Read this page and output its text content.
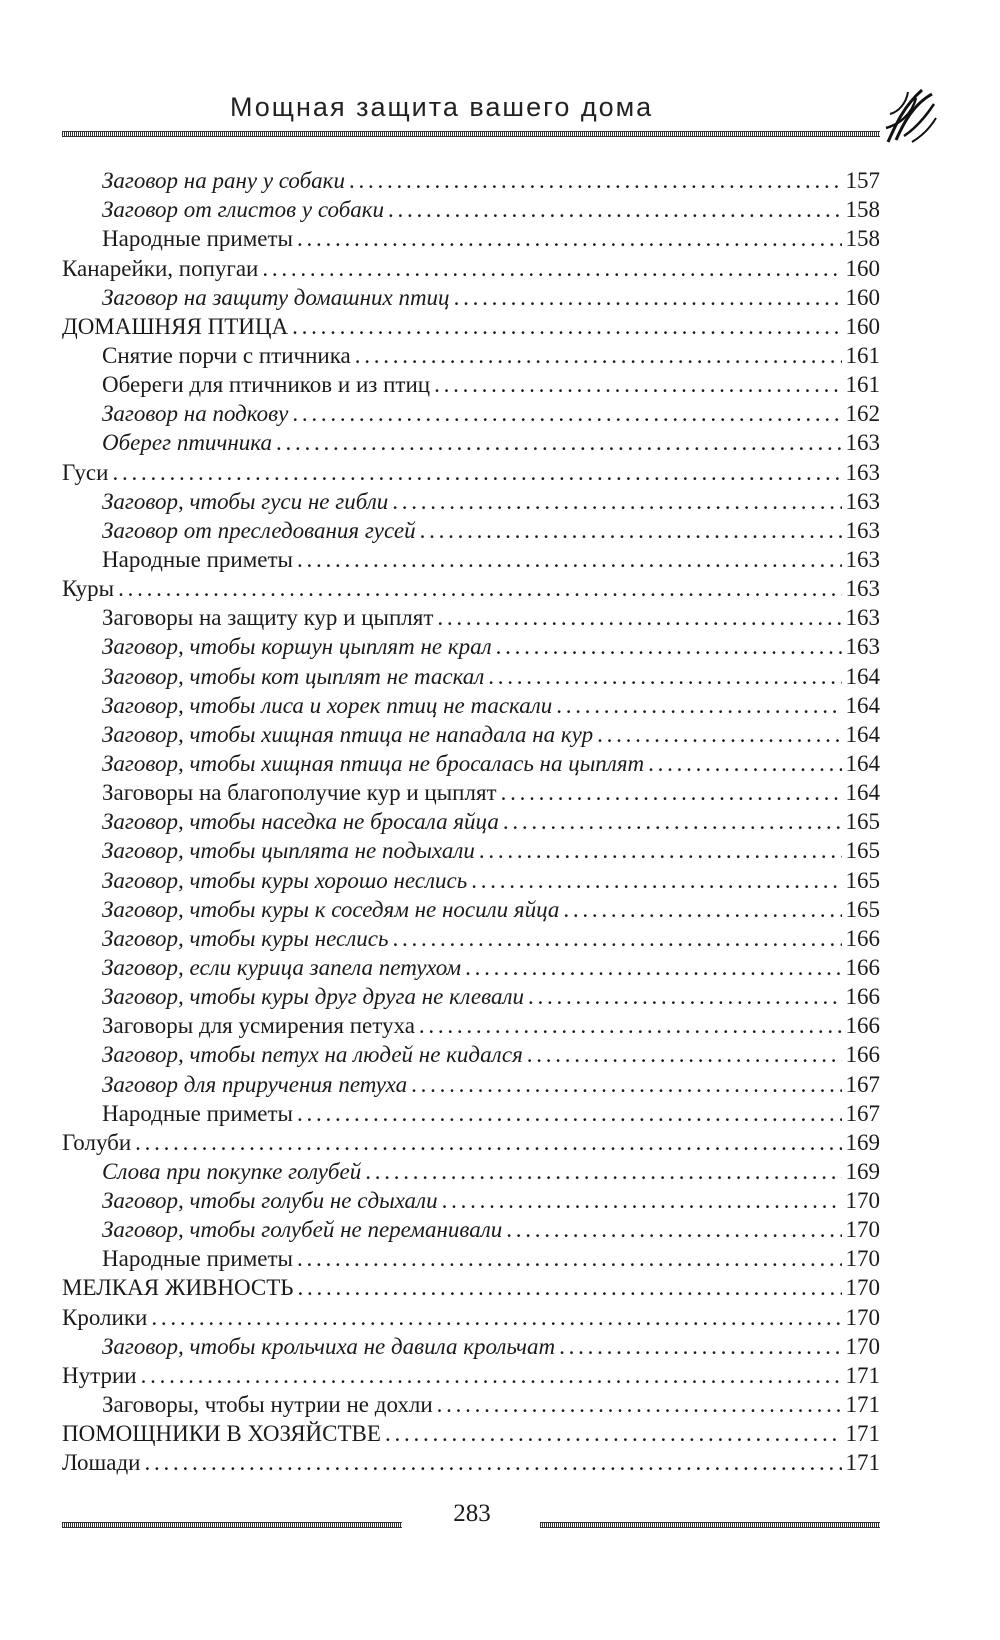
Мощная защита вашего дома
Заговор на рану у собаки . . .	157
Заговор от глистов у собаки . . .	158
Народные приметы . . .	158
Канарейки, попугаи . . .	160
Заговор на защиту домашних птиц . . .	160
ДОМАШНЯЯ ПТИЦА . . .	160
Снятие порчи с птичника . . .	161
Обереги для птичников и из птиц . . .	161
Заговор на подкову . . .	162
Оберег птичника . . .	163
Гуси . . .	163
Заговор, чтобы гуси не гибли . . .	163
Заговор от преследования гусей . . .	163
Народные приметы . . .	163
Куры . . .	163
Заговоры на защиту кур и цыплят . . .	163
Заговор, чтобы коршун цыплят не крал . . .	163
Заговор, чтобы кот цыплят не таскал . . .	164
Заговор, чтобы лиса и хорек птиц не таскали . . .	164
Заговор, чтобы хищная птица не нападала на кур . . .	164
Заговор, чтобы хищная птица не бросалась на цыплят . . .	164
Заговоры на благополучие кур и цыплят . . .	164
Заговор, чтобы наседка не бросала яйца . . .	165
Заговор, чтобы цыплята не подыхали . . .	165
Заговор, чтобы куры хорошо неслись . . .	165
Заговор, чтобы куры к соседям не носили яйца . . .	165
Заговор, чтобы куры неслись . . .	166
Заговор, если курица запела петухом . . .	166
Заговор, чтобы куры друг друга не клевали . . .	166
Заговоры для усмирения петуха . . .	166
Заговор, чтобы петух на людей не кидался . . .	166
Заговор для приручения петуха . . .	167
Народные приметы . . .	167
Голуби . . .	169
Слова при покупке голубей . . .	169
Заговор, чтобы голуби не сдыхали . . .	170
Заговор, чтобы голубей не переманивали . . .	170
Народные приметы . . .	170
МЕЛКАЯ ЖИВНОСТЬ . . .	170
Кролики . . .	170
Заговор, чтобы крольчиха не давила крольчат . . .	170
Нутрии . . .	171
Заговоры, чтобы нутрии не дохли . . .	171
ПОМОЩНИКИ В ХОЗЯЙСТВЕ . . .	171
Лошади . . .	171
283
